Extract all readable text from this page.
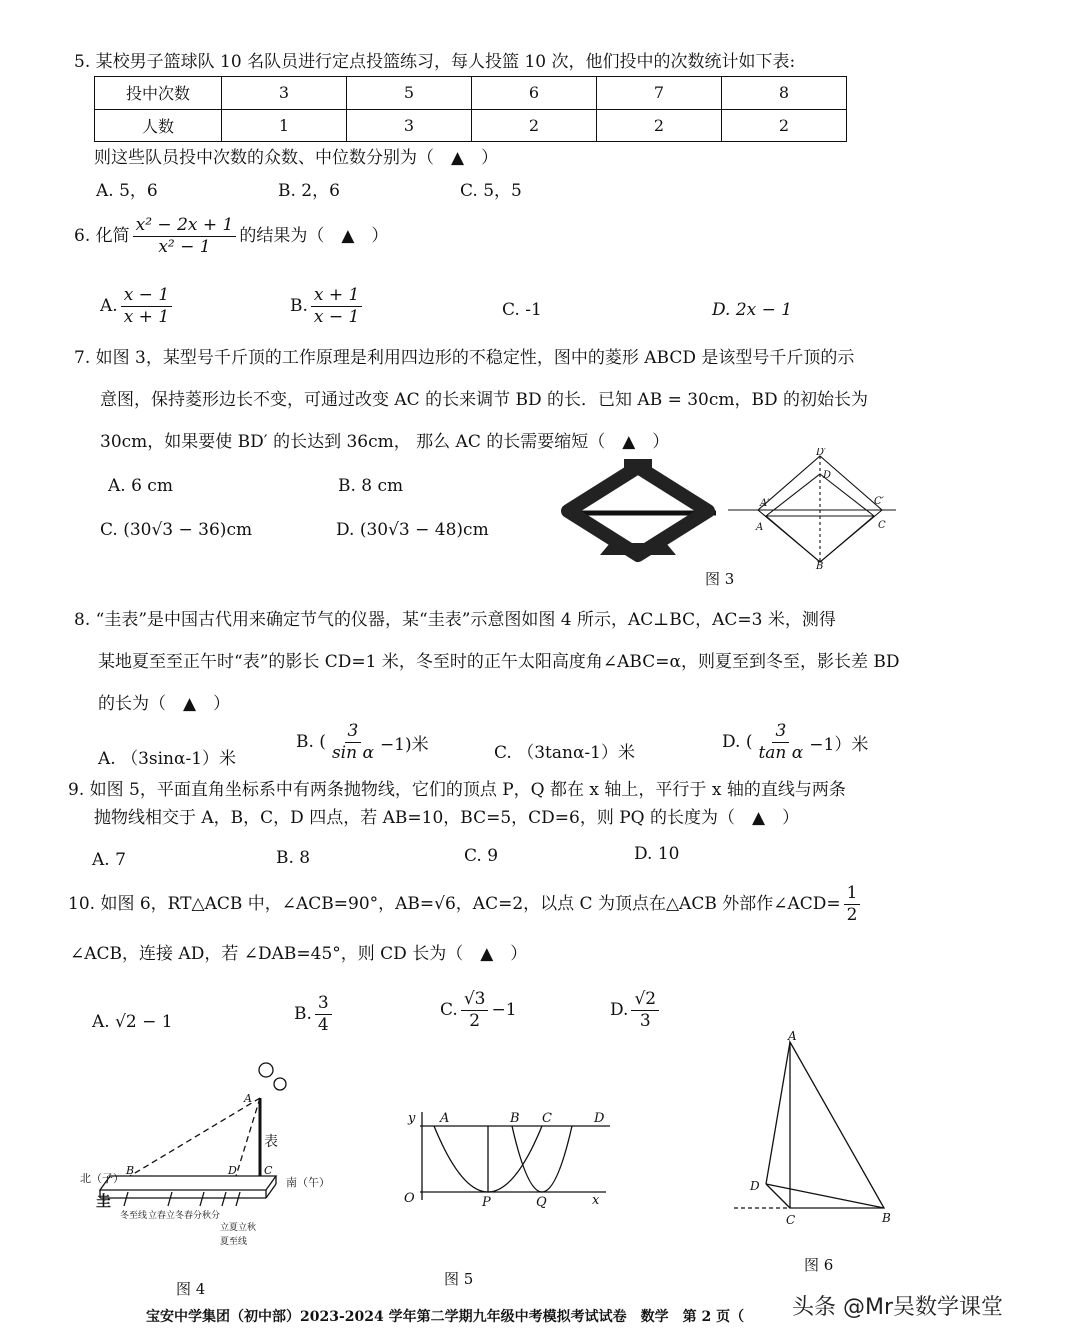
5. 某校男子篮球队 10 名队员进行定点投篮练习，每人投篮 10 次，他们投中的次数统计如下表:
投中次数	3	5	6	7	8
人数	1	3	2	2	2
则这些队员投中次数的众数、中位数分别为（　▲　）
A. 5，6	B. 2，6	C. 5，5
6. 化简 $\frac{\text{x² − 2x + 1}}{\text{x² − 1}}$ 的结果为（　▲　）
A. $\frac{x - 1}{x + 1}$	B. $\frac{x + 1}{x - 1}$	C. -1	D. 2x − 1
7. 如图 3，某型号千斤顶的工作原理是利用四边形的不稳定性，图中的菱形 ABCD 是该型号千斤顶的示
意图，保持菱形边长不变，可通过改变 AC 的长来调节 BD 的长．已知 AB = 30cm，BD 的初始长为
30cm，如果要使 BD′ 的长达到 36cm， 那么 AC 的长需要缩短（　▲　）
A. 6 cm	B. 8 cm
C. (30√3 − 36)cm	D. (30√3 − 48)cm
D′
D
A′
A
C′
C
B
图 3
8. “圭表”是中国古代用来确定节气的仪器，某“圭表”示意图如图 4 所示，AC⊥BC，AC=3 米，测得
某地夏至至正午时“表”的影长 CD=1 米，冬至时的正午太阳高度角∠ABC=α，则夏至到冬至，影长差 BD
的长为（　▲　）
A. （3sinα-1）米
B. ( $\frac{3}{\text{sin α}} -1$)米	C. （3tanα-1）米
D. ( $\frac{3}{\text{tan α}} -1$）米
9. 如图 5，平面直角坐标系中有两条抛物线，它们的顶点 P，Q 都在 x 轴上，平行于 x 轴的直线与两条
抛物线相交于 A，B，C，D 四点，若 AB=10，BC=5，CD=6，则 PQ 的长度为（　▲　）
A. 7	B. 8	C. 9	D. 10
10. 如图 6，RT△ACB 中，∠ACB=90°，AB=√6，AC=2，以点 C 为顶点在△ACB 外部作∠ACD= $\frac{1}{2}$
∠ACB，连接 AD，若 ∠DAB=45°，则 CD 长为（　▲　）
A. √2 − 1	B. $\frac{3}{4}$	C. $\frac{√3}{2} -1$	D. $\frac{√2}{3}$
A
B	D C
表
北（子）	南（午）
圭
冬至线 立春立冬 春分秋分
立夏立秋
夏至线
图 4
y A	B C	D
O	P	Q	x
图 5
A
D
C	B
图 6
宝安中学集团（初中部）2023-2024 学年第二学期九年级中考模拟考试试卷　数学　第 2 页（ 头条 @Mr吴数学课堂
